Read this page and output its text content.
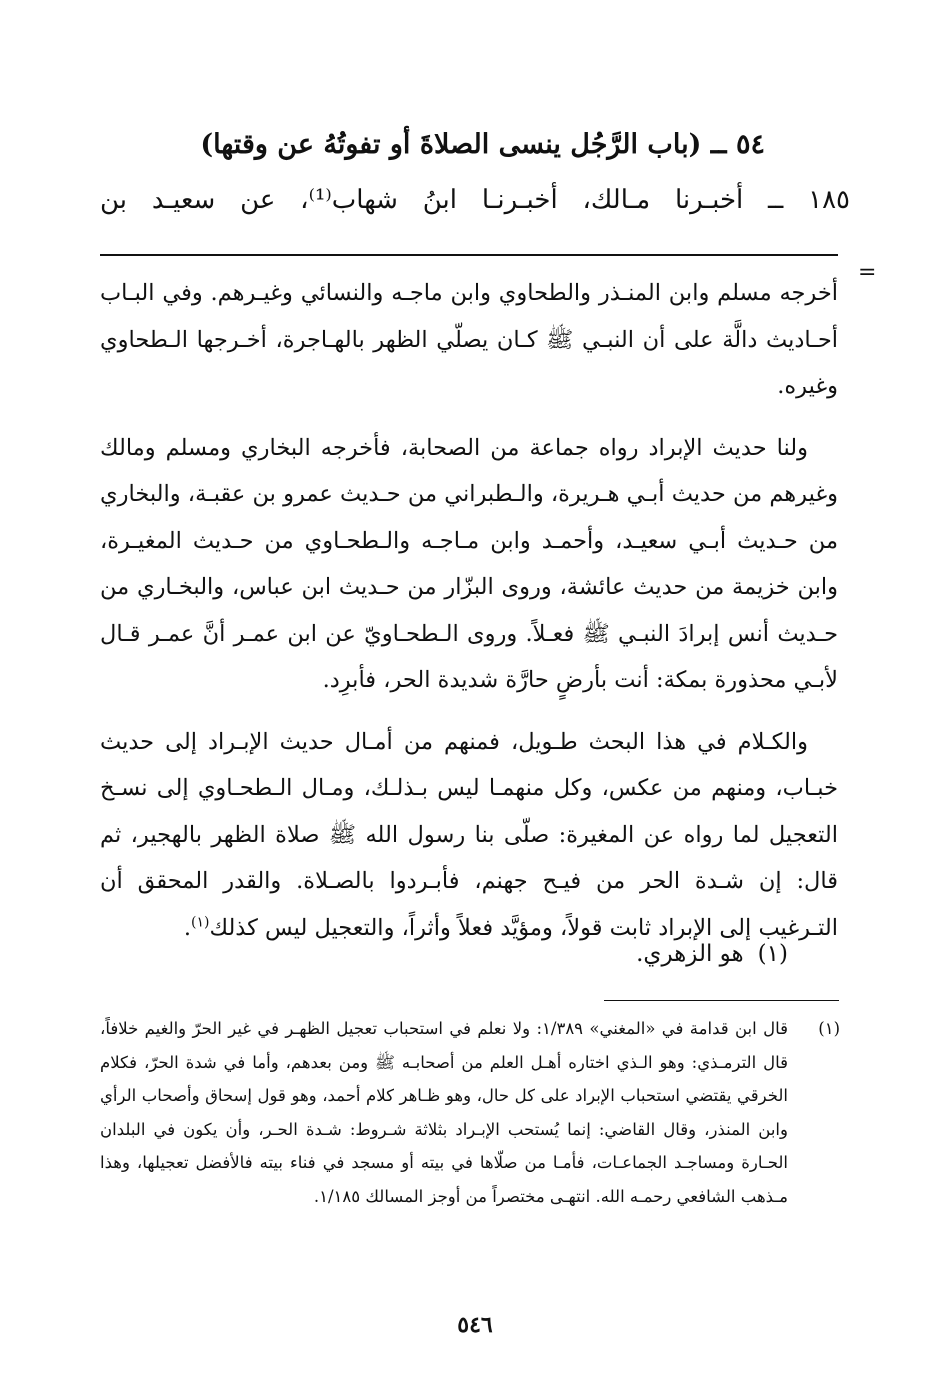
٥٤ ــ (باب الرَّجُل ينسى الصلاةَ أو تفوتُهُ عن وقتها)
١٨٥ ــ أخبـرنا مـالك، أخبـرنـا ابنُ شهاب⁽¹⁾، عن سعيـد بن
=

أخرجه مسلم وابن المنـذر والطحاوي وابن ماجـه والنسائي وغيـرهم. وفي البـاب أحـاديث دالَّة على أن النبـي ﷺ كـان يصلّي الظهر بالهـاجرة، أخـرجها الـطحاوي وغيره.

ولنا حديث الإبراد رواه جماعة من الصحابة، فأخرجه البخاري ومسلم ومالك وغيرهم من حديث أبـي هـريرة، والـطبراني من حـديث عمرو بن عقبـة، والبخاري من حـديث أبـي سعيـد، وأحمـد وابن مـاجـه والـطحـاوي من حـديث المغيـرة، وابن خزيمة من حديث عائشة، وروى البزّار من حـديث ابن عباس، والبخـاري من حـديث أنس إبرادَ النبـي ﷺ فعـلاً. وروى الـطحـاويّ عن ابن عمـر أنَّ عمـر قـال لأبـي محذورة بمكة: أنت بأرضٍ حارَّة شديدة الحر، فأبرِد.

والكـلام في هذا البحث طـويل، فمنهم من أمـال حديث الإبـراد إلى حديث خبـاب، ومنهم من عكس، وكل منهمـا ليس بـذلـك، ومـال الـطحـاوي إلى نسـخ التعجيل لما رواه عن المغيرة: صلّى بنا رسول الله ﷺ صلاة الظهر بالهجير، ثم قال: إن شـدة الحر من فيـح جهنم، فأبـردوا بالصـلاة. والقدر المحقق أن التـرغيب إلى الإبراد ثابت قولاً، ومؤيَّد فعلاً وأثراً، والتعجيل ليس كذلك$^{(١)}$.

(١)هو الزهري.
(١)
قال ابن قدامة في «المغني» ١/٣٨٩: ولا نعلم في استحباب تعجيل الظهـر في غير الحرّ والغيم خلافاً، قال الترمـذي: وهو الـذي اختاره أهـل العلم من أصحابـه ﷺ ومن بعدهم، وأما في شدة الحرّ، فكلام الخرقي يقتضي استحباب الإبراد على كل حال، وهو ظـاهر كلام أحمد، وهو قول إسحاق وأصحاب الرأي وابن المنذر، وقال القاضي: إنما يُستحب الإبـراد بثلاثة شـروط: شـدة الحـر، وأن يكون في البلدان الحـارة ومساجـد الجماعـات، فأمـا من صلّاها في بيته أو مسجد في فناء بيته فالأفضل تعجيلها، وهذا مـذهب الشافعي رحمـه الله. انتهـى مختصراً من أوجز المسالك ١/١٨٥.
٥٤٦
